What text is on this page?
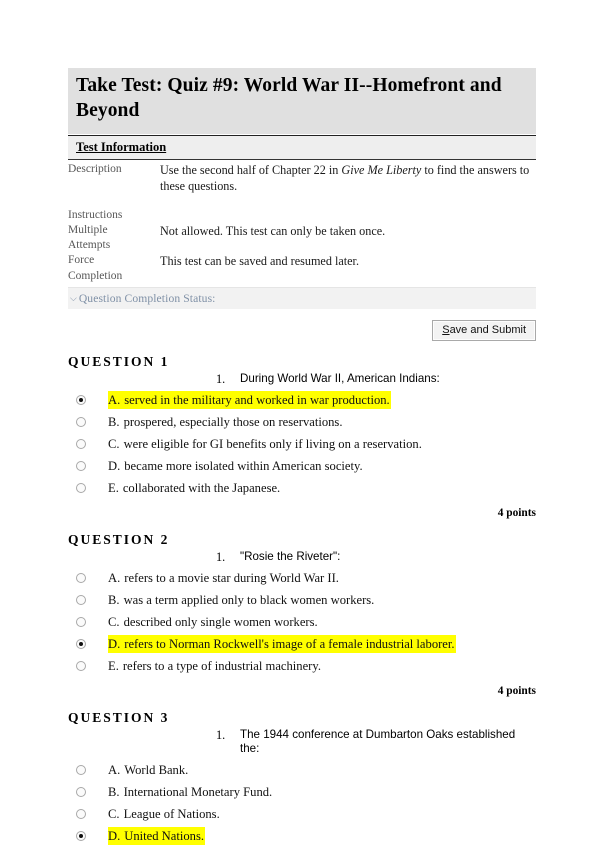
Take Test: Quiz #9: World War II--Homefront and Beyond
Test Information
Description	Use the second half of Chapter 22 in Give Me Liberty to find the answers to these questions.

Instructions	
Multiple
Attempts	Not allowed. This test can only be taken once.
Force
Completion	This test can be saved and resumed later.
⌵ Question Completion Status:
Save and Submit
QUESTION 1
1.	During World War II, American Indians:
A. served in the military and worked in war production.
B. prospered, especially those on reservations.
C. were eligible for GI benefits only if living on a reservation.
D. became more isolated within American society.
E. collaborated with the Japanese.
4 points
QUESTION 2
1.	"Rosie the Riveter":
A. refers to a movie star during World War II.
B. was a term applied only to black women workers.
C. described only single women workers.
D. refers to Norman Rockwell's image of a female industrial laborer.
E. refers to a type of industrial machinery.
4 points
QUESTION 3
1.	The 1944 conference at Dumbarton Oaks established the:
A. World Bank.
B. International Monetary Fund.
C. League of Nations.
D. United Nations.
